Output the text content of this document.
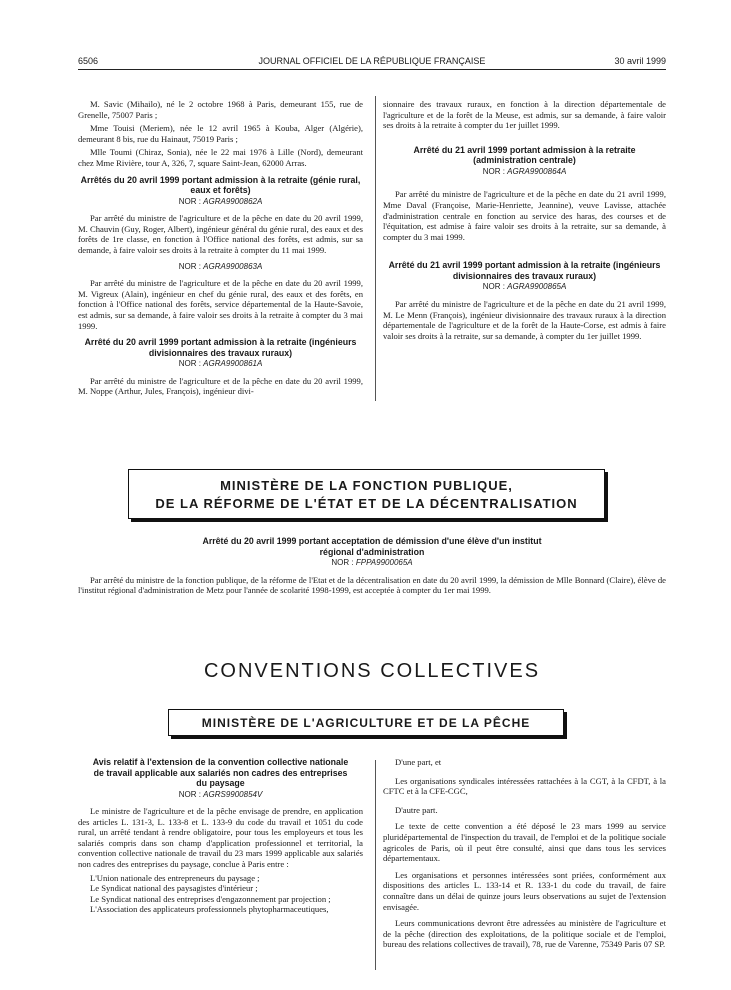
6506	JOURNAL OFFICIEL DE LA RÉPUBLIQUE FRANÇAISE	30 avril 1999

M. Savic (Mihailo), né le 2 octobre 1968 à Paris, demeurant 155, rue de Grenelle, 75007 Paris ;

Mme Touisi (Meriem), née le 12 avril 1965 à Kouba, Alger (Algérie), demeurant 8 bis, rue du Hainaut, 75019 Paris ;

Mlle Toumi (Chiraz, Sonia), née le 22 mai 1976 à Lille (Nord), demeurant chez Mme Rivière, tour A, 326, 7, square Saint-Jean, 62000 Arras.

Arrêtés du 20 avril 1999 portant admission à la retraite (génie rural, eaux et forêts)
NOR : AGRA9900862A

Par arrêté du ministre de l'agriculture et de la pêche en date du 20 avril 1999, M. Chauvin (Guy, Roger, Albert), ingénieur général du génie rural, des eaux et des forêts de 1re classe, en fonction à l'Office national des forêts, est admis, sur sa demande, à faire valoir ses droits à la retraite à compter du 11 mai 1999.

NOR : AGRA9900863A

Par arrêté du ministre de l'agriculture et de la pêche en date du 20 avril 1999, M. Vigreux (Alain), ingénieur en chef du génie rural, des eaux et des forêts, en fonction à l'Office national des forêts, service départemental de la Haute-Savoie, est admis, sur sa demande, à faire valoir ses droits à la retraite à compter du 3 mai 1999.

Arrêté du 20 avril 1999 portant admission à la retraite (ingénieurs divisionnaires des travaux ruraux)
NOR : AGRA9900861A

Par arrêté du ministre de l'agriculture et de la pêche en date du 20 avril 1999, M. Noppe (Arthur, Jules, François), ingénieur divi-

sionnaire des travaux ruraux, en fonction à la direction départementale de l'agriculture et de la forêt de la Meuse, est admis, sur sa demande, à faire valoir ses droits à la retraite à compter du 1er juillet 1999.

Arrêté du 21 avril 1999 portant admission à la retraite (administration centrale)
NOR : AGRA9900864A

Par arrêté du ministre de l'agriculture et de la pêche en date du 21 avril 1999, Mme Daval (Françoise, Marie-Henriette, Jeannine), veuve Lavisse, attachée d'administration centrale en fonction au service des haras, des courses et de l'équitation, est admise à faire valoir ses droits à la retraite, sur sa demande, à compter du 3 mai 1999.

Arrêté du 21 avril 1999 portant admission à la retraite (ingénieurs divisionnaires des travaux ruraux)
NOR : AGRA9900865A

Par arrêté du ministre de l'agriculture et de la pêche en date du 21 avril 1999, M. Le Menn (François), ingénieur divisionnaire des travaux ruraux à la direction départementale de l'agriculture et de la forêt de la Haute-Corse, est admis à faire valoir ses droits à la retraite, sur sa demande, à compter du 1er juillet 1999.

MINISTÈRE DE LA FONCTION PUBLIQUE,
DE LA RÉFORME DE L'ÉTAT ET DE LA DÉCENTRALISATION
Arrêté du 20 avril 1999 portant acceptation de démission d'une élève d'un institut régional d'administration
NOR : FPPA9900065A

Par arrêté du ministre de la fonction publique, de la réforme de l'Etat et de la décentralisation en date du 20 avril 1999, la démission de Mlle Bonnard (Claire), élève de l'institut régional d'administration de Metz pour l'année de scolarité 1998-1999, est acceptée à compter du 1er mai 1999.

CONVENTIONS COLLECTIVES
MINISTÈRE DE L'AGRICULTURE ET DE LA PÊCHE
Avis relatif à l'extension de la convention collective nationale de travail applicable aux salariés non cadres des entreprises du paysage
NOR : AGRS9900854V

Le ministre de l'agriculture et de la pêche envisage de prendre, en application des articles L. 131-3, L. 133-8 et L. 133-9 du code du travail et 1051 du code rural, un arrêté tendant à rendre obligatoire, pour tous les employeurs et tous les salariés compris dans son champ d'application professionnel et territorial, la convention collective nationale de travail du 23 mars 1999 applicable aux salariés non cadres des entreprises du paysage, conclue à Paris entre :

L'Union nationale des entrepreneurs du paysage ;

Le Syndicat national des paysagistes d'intérieur ;

Le Syndicat national des entreprises d'engazonnement par projection ;

L'Association des applicateurs professionnels phytopharmaceutiques,

D'une part, et

Les organisations syndicales intéressées rattachées à la CGT, à la CFDT, à la CFTC et à la CFE-CGC,

D'autre part.

Le texte de cette convention a été déposé le 23 mars 1999 au service pluridépartemental de l'inspection du travail, de l'emploi et de la politique sociale agricoles de Paris, où il peut être consulté, ainsi que dans tous les services départementaux.

Les organisations et personnes intéressées sont priées, conformément aux dispositions des articles L. 133-14 et R. 133-1 du code du travail, de faire connaître dans un délai de quinze jours leurs observations au sujet de l'extension envisagée.

Leurs communications devront être adressées au ministère de l'agriculture et de la pêche (direction des exploitations, de la politique sociale et de l'emploi, bureau des relations collectives de travail), 78, rue de Varenne, 75349 Paris 07 SP.
